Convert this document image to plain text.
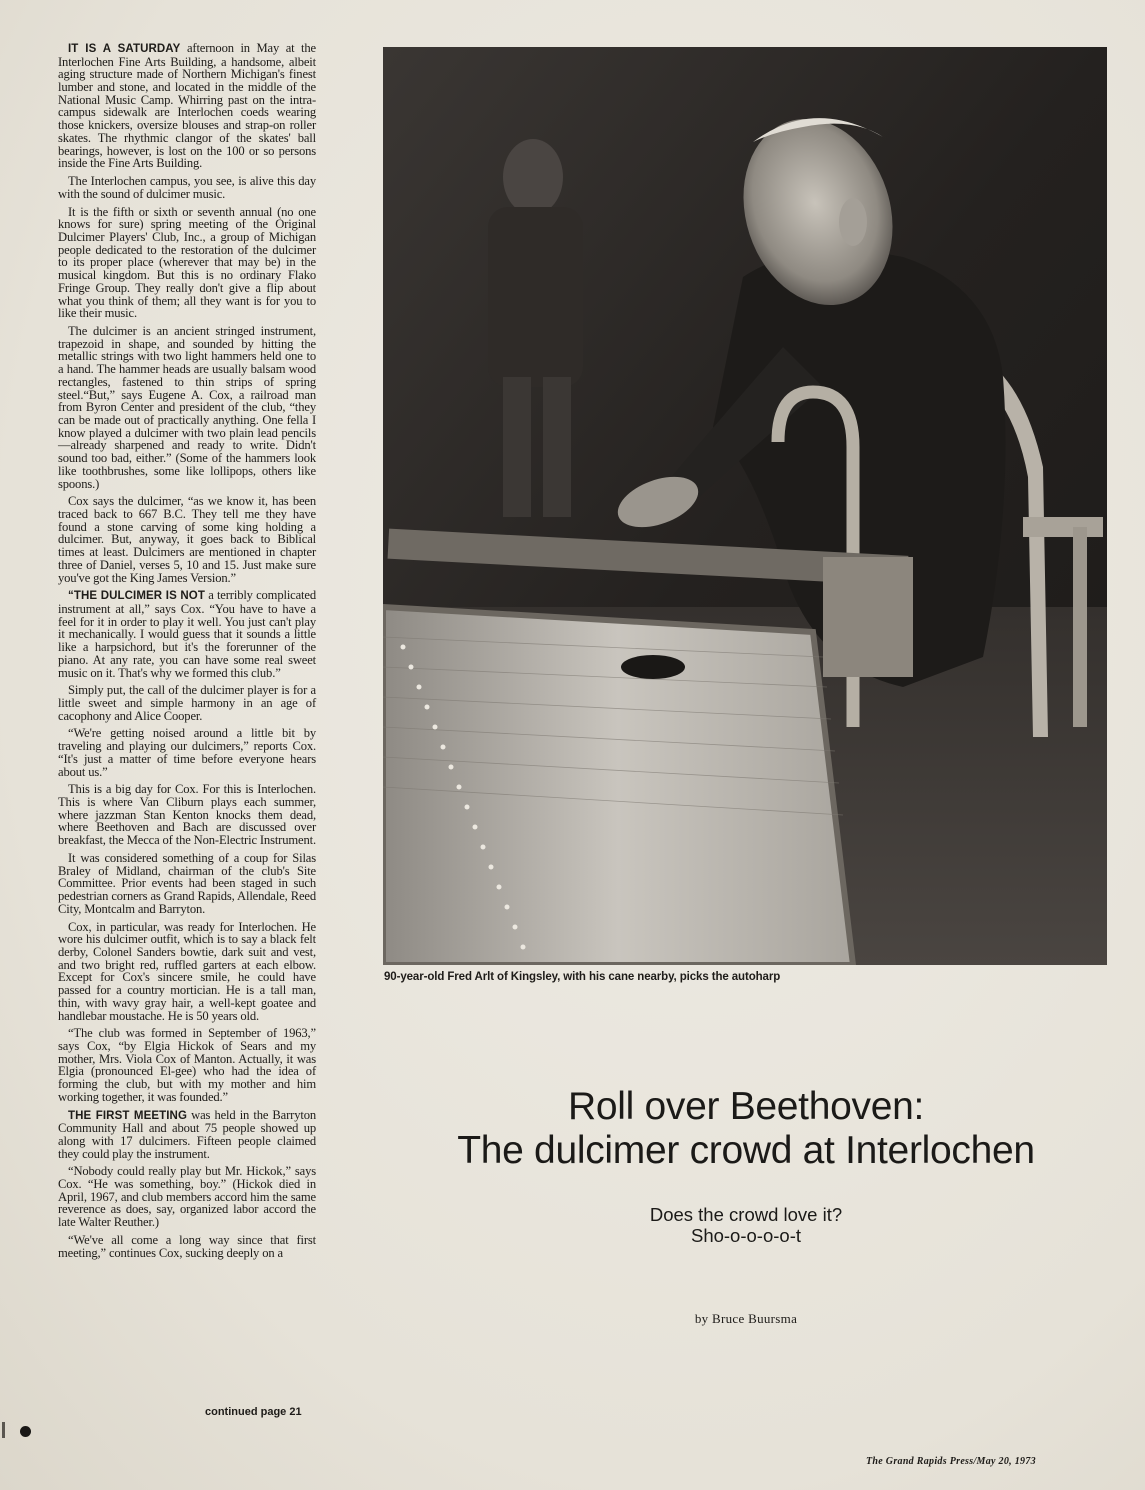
IT IS A SATURDAY afternoon in May at the Interlochen Fine Arts Building, a handsome, albeit aging structure made of Northern Michigan's finest lumber and stone, and located in the middle of the National Music Camp. Whirring past on the intra-campus sidewalk are Interlochen coeds wearing those knickers, oversize blouses and strap-on roller skates. The rhythmic clangor of the skates' ball bearings, however, is lost on the 100 or so persons inside the Fine Arts Building.

The Interlochen campus, you see, is alive this day with the sound of dulcimer music.

It is the fifth or sixth or seventh annual (no one knows for sure) spring meeting of the Original Dulcimer Players' Club, Inc., a group of Michigan people dedicated to the restoration of the dulcimer to its proper place (wherever that may be) in the musical kingdom. But this is no ordinary Flako Fringe Group. They really don't give a flip about what you think of them; all they want is for you to like their music.

The dulcimer is an ancient stringed instrument, trapezoid in shape, and sounded by hitting the metallic strings with two light hammers held one to a hand. The hammer heads are usually balsam wood rectangles, fastened to thin strips of spring steel.“But,” says Eugene A. Cox, a railroad man from Byron Center and president of the club, “they can be made out of practically anything. One fella I know played a dulcimer with two plain lead pencils—already sharpened and ready to write. Didn't sound too bad, either.” (Some of the hammers look like toothbrushes, some like lollipops, others like spoons.)

Cox says the dulcimer, “as we know it, has been traced back to 667 B.C. They tell me they have found a stone carving of some king holding a dulcimer. But, anyway, it goes back to Biblical times at least. Dulcimers are mentioned in chapter three of Daniel, verses 5, 10 and 15. Just make sure you've got the King James Version.”

“THE DULCIMER IS NOT a terribly complicated instrument at all,” says Cox. “You have to have a feel for it in order to play it well. You just can't play it mechanically. I would guess that it sounds a little like a harpsichord, but it's the forerunner of the piano. At any rate, you can have some real sweet music on it. That's why we formed this club.”

Simply put, the call of the dulcimer player is for a little sweet and simple harmony in an age of cacophony and Alice Cooper.

“We're getting noised around a little bit by traveling and playing our dulcimers,” reports Cox. “It's just a matter of time before everyone hears about us.”

This is a big day for Cox. For this is Interlochen. This is where Van Cliburn plays each summer, where jazzman Stan Kenton knocks them dead, where Beethoven and Bach are discussed over breakfast, the Mecca of the Non-Electric Instrument.

It was considered something of a coup for Silas Braley of Midland, chairman of the club's Site Committee. Prior events had been staged in such pedestrian corners as Grand Rapids, Allendale, Reed City, Montcalm and Barryton.

Cox, in particular, was ready for Interlochen. He wore his dulcimer outfit, which is to say a black felt derby, Colonel Sanders bowtie, dark suit and vest, and two bright red, ruffled garters at each elbow. Except for Cox's sincere smile, he could have passed for a country mortician. He is a tall man, thin, with wavy gray hair, a well-kept goatee and handlebar moustache. He is 50 years old.

“The club was formed in September of 1963,” says Cox, “by Elgia Hickok of Sears and my mother, Mrs. Viola Cox of Manton. Actually, it was Elgia (pronounced El-gee) who had the idea of forming the club, but with my mother and him working together, it was founded.”

THE FIRST MEETING was held in the Barryton Community Hall and about 75 people showed up along with 17 dulcimers. Fifteen people claimed they could play the instrument.

“Nobody could really play but Mr. Hickok,” says Cox. “He was something, boy.” (Hickok died in April, 1967, and club members accord him the same reverence as does, say, organized labor accord the late Walter Reuther.)

“We've all come a long way since that first meeting,” continues Cox, sucking deeply on a

continued page 21
90-year-old Fred Arlt of Kingsley, with his cane nearby, picks the autoharp
Roll over Beethoven:
The dulcimer crowd at Interlochen
Does the crowd love it?
Sho-o-o-o-o-t
by Bruce Buursma
The Grand Rapids Press/May 20, 1973
